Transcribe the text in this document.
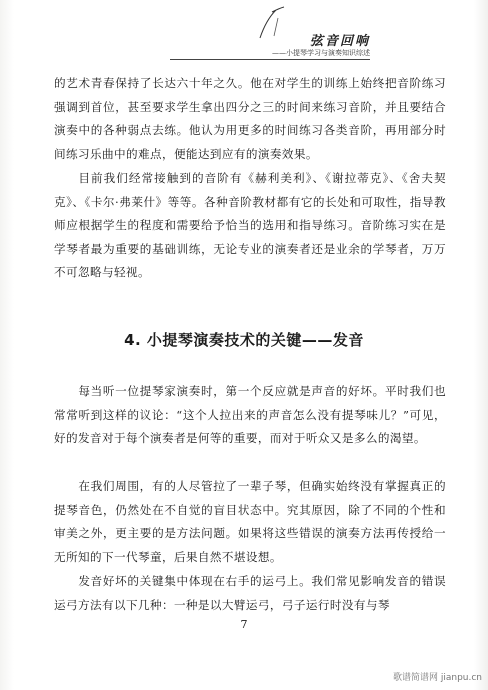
弦音回响
——小提琴学习与演奏知识综述

的艺术青春保持了长达六十年之久。他在对学生的训练上始终把音阶练习强调到首位，甚至要求学生拿出四分之三的时间来练习音阶，并且要结合演奏中的各种弱点去练。他认为用更多的时间练习各类音阶，再用部分时间练习乐曲中的难点，便能达到应有的演奏效果。

目前我们经常接触到的音阶有《赫利美利》、《谢拉蒂克》、《舍夫契克》、《卡尔·弗莱什》等等。各种音阶教材都有它的长处和可取性，指导教师应根据学生的程度和需要给予恰当的选用和指导练习。音阶练习实在是学琴者最为重要的基础训练，无论专业的演奏者还是业余的学琴者，万万不可忽略与轻视。

4. 小提琴演奏技术的关键——发音

每当听一位提琴家演奏时，第一个反应就是声音的好坏。平时我们也常常听到这样的议论：“这个人拉出来的声音怎么没有提琴味儿？”可见，好的发音对于每个演奏者是何等的重要，而对于听众又是多么的渴望。

在我们周围，有的人尽管拉了一辈子琴，但确实始终没有掌握真正的提琴音色，仍然处在不自觉的盲目状态中。究其原因，除了不同的个性和审美之外，更主要的是方法问题。如果将这些错误的演奏方法再传授给一无所知的下一代琴童，后果自然不堪设想。

发音好坏的关键集中体现在右手的运弓上。我们常见影响发音的错误运弓方法有以下几种：一种是以大臂运弓，弓子运行时没有与琴

7
歌谱简谱网 jianpu.cn
